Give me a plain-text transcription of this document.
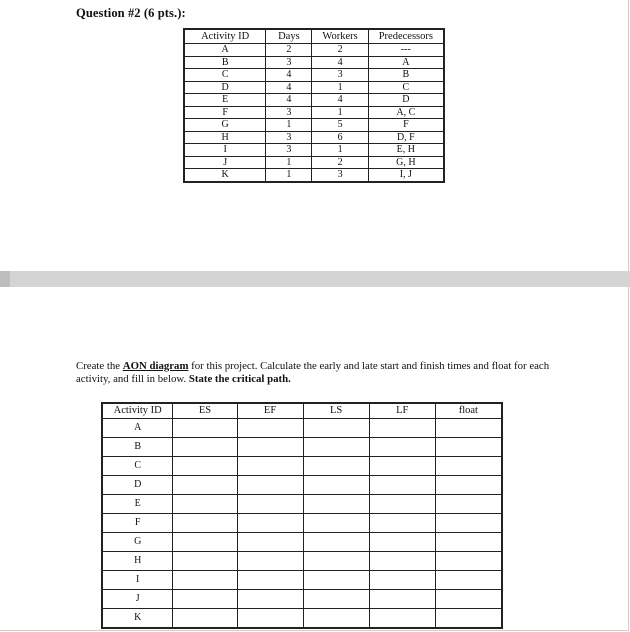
Question #2 (6 pts.):
Activity ID	Days	Workers	Predecessors
A	2	2	---
B	3	4	A
C	4	3	B
D	4	1	C
E	4	4	D
F	3	1	A, C
G	1	5	F
H	3	6	D, F
I	3	1	E, H
J	1	2	G, H
K	1	3	I, J
Create the AON diagram for this project. Calculate the early and late start and finish times and float for each activity, and fill in below. State the critical path.
Activity ID	ES	EF	LS	LF	float
A					
B					
C					
D					
E					
F					
G					
H					
I					
J					
K					
